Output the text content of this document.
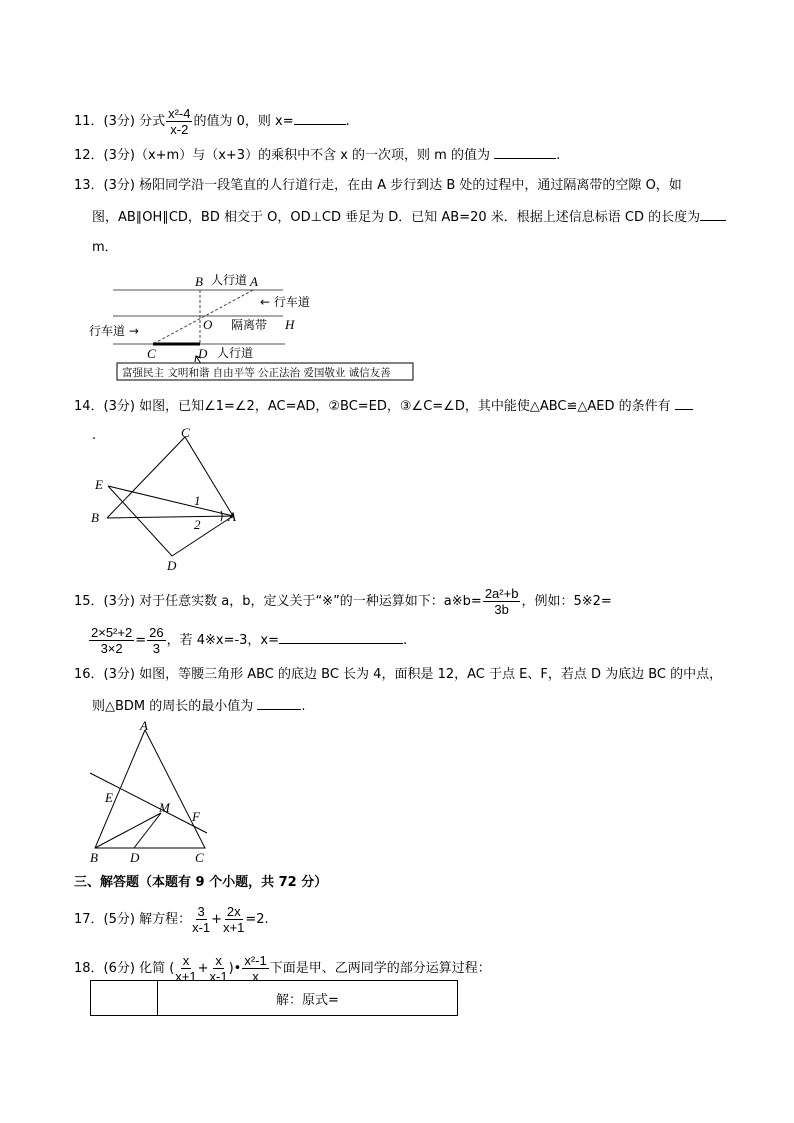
11．(3分) 分式 $\frac{\text{x²-4}}{x-2}$ 的值为 0，则 x=	.
12．(3分)（x+m）与（x+3）的乘积中不含 x 的一次项，则 m 的值为	.
13．(3分) 杨阳同学沿一段笔直的人行道行走，在由 A 步行到达 B 处的过程中，通过隔离带的空隙 O，如
图，AB∥OH∥CD，BD 相交于 O，OD⊥CD 垂足为 D．已知 AB=20 米．根据上述信息标语 CD 的长度为
m．
B 人行道 A
← 行车道
O 隔离带 H
行车道 →
C	D 人行道
富强民主 文明和谐 自由平等 公正法治 爱国敬业 诚信友善
14．(3分) 如图，已知∠1=∠2，AC=AD，②BC=ED，③∠C=∠D，其中能使△ABC≌△AED 的条件有
.	C
E
B	A
D
1
2
15．(3分) 对于任意实数 a，b，定义关于“※”的一种运算如下：a※b= $\frac{\text{2a²+b}}{3b}$ ，例如：5※2=
$\frac{\text{2×5²+2}}{3\times 2} = \frac{26}{3}$ ，若 4※x=-3，x=	.
16．(3分) 如图，等腰三角形 ABC 的底边 BC 长为 4，面积是 12，AC 于点 E、F，若点 D 为底边 BC 的中点，
则△BDM 的周长的最小值为	.
A
E
M
F
B D	C
三、解答题（本题有 9 个小题，共 72 分）
17．(5分) 解方程： $\frac{3}{x-1} + \frac{2x}{x+1} =2$.
18．(6分) 化简 ( $\frac{x}{x+1} + \frac{x}{x-1}$ )• $\frac{\text{x²-1}}{x}$ 下面是甲、乙两同学的部分运算过程：
	解：原式=
